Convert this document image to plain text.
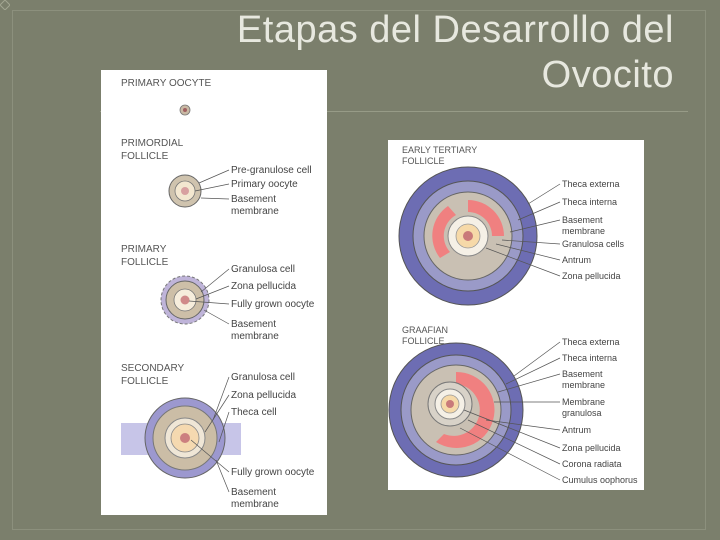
Etapas del Desarrollo del
Ovocito
PRIMARY OOCYTE
PRIMORDIAL
FOLLICLE
Pre-granulose cell
Primary oocyte
Basement
membrane
PRIMARY
FOLLICLE
Granulosa cell
Zona pellucida
Fully grown oocyte
Basement
membrane
SECONDARY
FOLLICLE	Granulosa cell
Zona pellucida
Theca cell
Fully grown oocyte
Basement
membrane
EARLY TERTIARY
FOLLICLE
Theca externa
Theca interna
Basement
membrane
Granulosa cells
Antrum
Zona pellucida
GRAAFIAN
FOLLICLE	Theca externa
Theca interna
Basement
membrane
Membrane
granulosa
Antrum
Zona pellucida
Corona radiata
Cumulus oophorus
